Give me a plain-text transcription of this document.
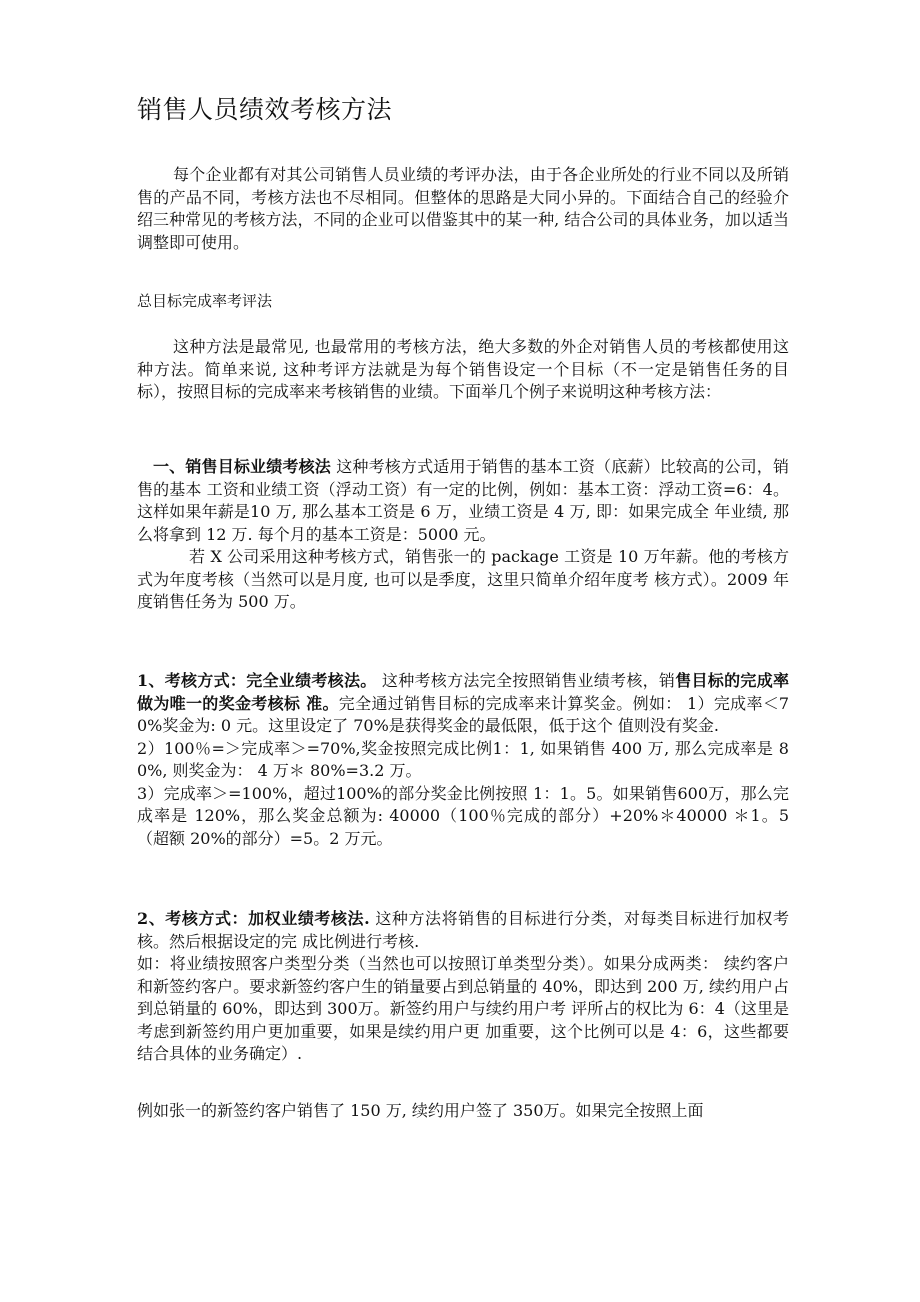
销售人员绩效考核方法

每个企业都有对其公司销售人员业绩的考评办法，由于各企业所处的行业不同以及所销售的产品不同，考核方法也不尽相同。但整体的思路是大同小异的。下面结合自己的经验介绍三种常见的考核方法，不同的企业可以借鉴其中的某一种, 结合公司的具体业务，加以适当调整即可使用。

总目标完成率考评法

这种方法是最常见, 也最常用的考核方法，绝大多数的外企对销售人员的考核都使用这种方法。简单来说, 这种考评方法就是为每个销售设定一个目标（不一定是销售任务的目标），按照目标的完成率来考核销售的业绩。下面举几个例子来说明这种考核方法：

一、销售目标业绩考核法 这种考核方式适用于销售的基本工资（底薪）比较高的公司，销售的基本 工资和业绩工资（浮动工资）有一定的比例，例如：基本工资：浮动工资=6：4。 这样如果年薪是10 万, 那么基本工资是 6 万，业绩工资是 4 万, 即：如果完成全 年业绩, 那么将拿到 12 万. 每个月的基本工资是：5000 元。
若 X 公司采用这种考核方式，销售张一的 package 工资是 10 万年薪。他的考核方式为年度考核（当然可以是月度, 也可以是季度，这里只简单介绍年度考 核方式）。2009 年度销售任务为 500 万。

1、考核方式：完全业绩考核法。 这种考核方法完全按照销售业绩考核，销售目标的完成率做为唯一的奖金考核标 准。完全通过销售目标的完成率来计算奖金。例如： 1）完成率＜70%奖金为: 0 元。这里设定了 70%是获得奖金的最低限，低于这个 值则没有奖金.
2）100％=＞完成率＞=70%,奖金按照完成比例1：1, 如果销售 400 万, 那么完成率是 80%, 则奖金为： 4 万＊ 80%=3.2 万。
3）完成率＞=100%，超过100%的部分奖金比例按照 1：1。5。如果销售600万，那么完成率是 120%，那么奖金总额为: 40000（100％完成的部分）+20%＊40000 ＊1。5（超额 20%的部分）=5。2 万元。

2、考核方式：加权业绩考核法. 这种方法将销售的目标进行分类，对每类目标进行加权考核。然后根据设定的完 成比例进行考核.
如：将业绩按照客户类型分类（当然也可以按照订单类型分类）。如果分成两类： 续约客户和新签约客户。要求新签约客户生的销量要占到总销量的 40%，即达到 200 万, 续约用户占到总销量的 60%，即达到 300万。新签约用户与续约用户考 评所占的权比为 6：4（这里是考虑到新签约用户更加重要，如果是续约用户更 加重要，这个比例可以是 4：6，这些都要结合具体的业务确定）.

例如张一的新签约客户销售了 150 万, 续约用户签了 350万。如果完全按照上面
